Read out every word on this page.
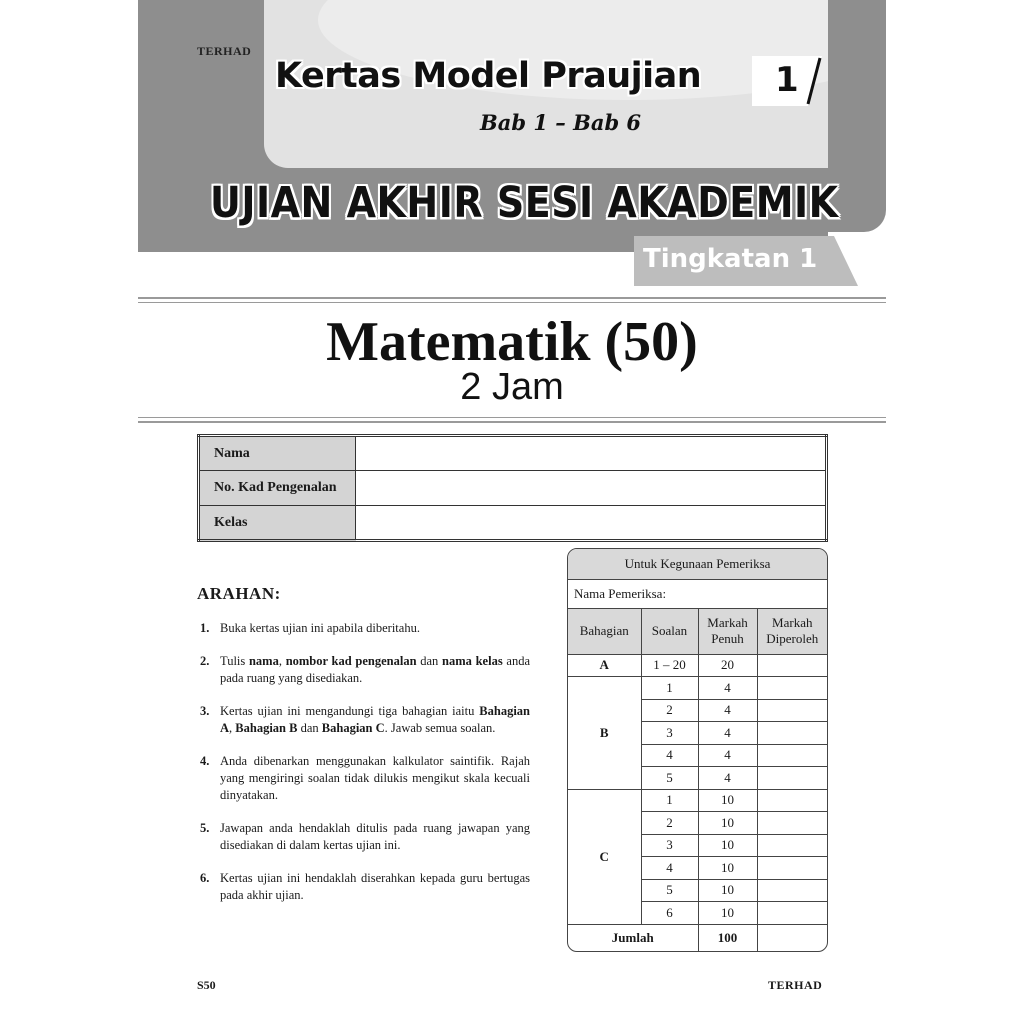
TERHAD
Kertas Model Praujian 1
Bab 1 – Bab 6
UJIAN AKHIR SESI AKADEMIK
Tingkatan 1
Matematik (50)
2 Jam
Nama	
No. Kad Pengenalan	
Kelas	
ARAHAN:
1. Buka kertas ujian ini apabila diberitahu.
2. Tulis nama, nombor kad pengenalan dan nama kelas anda pada ruang yang disediakan.
3. Kertas ujian ini mengandungi tiga bahagian iaitu Bahagian A, Bahagian B dan Bahagian C. Jawab semua soalan.
4. Anda dibenarkan menggunakan kalkulator saintifik. Rajah yang mengiringi soalan tidak dilukis mengikut skala kecuali dinyatakan.
5. Jawapan anda hendaklah ditulis pada ruang jawapan yang disediakan di dalam kertas ujian ini.
6. Kertas ujian ini hendaklah diserahkan kepada guru bertugas pada akhir ujian.
Untuk Kegunaan Pemeriksa			
Nama Pemeriksa:			
Bahagian	Soalan	Markah Penuh	Markah Diperoleh
A	1 – 20	20	
B	1	4	
	2	4	
	3	4	
	4	4	
	5	4	
C	1	10	
	2	10	
	3	10	
	4	10	
	5	10	
	6	10	
Jumlah		100	
S50	TERHAD
